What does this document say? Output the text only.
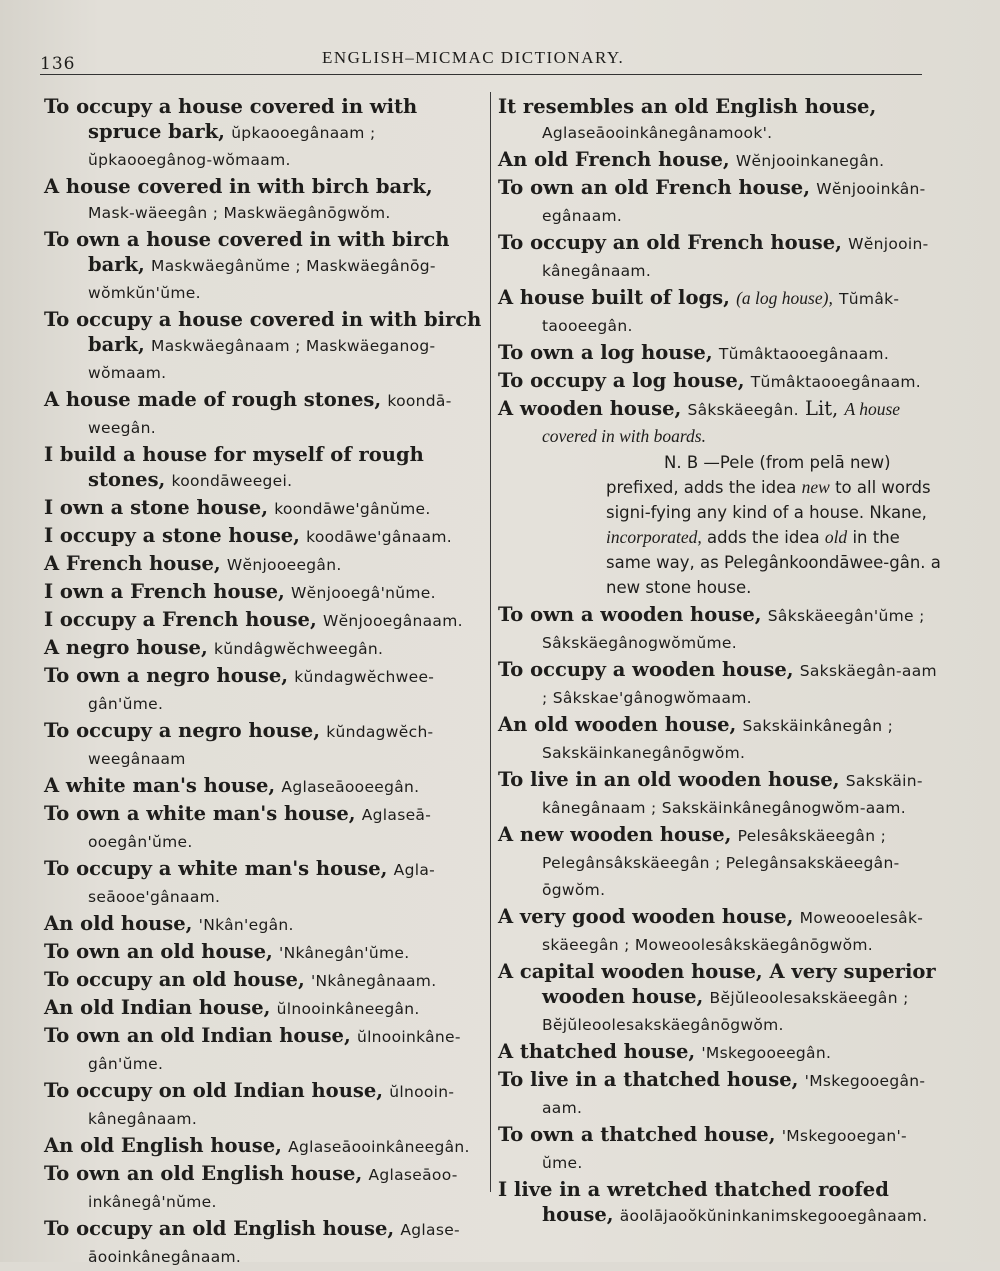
136	ENGLISH–MICMAC DICTIONARY.

To occupy a house covered in with spruce bark, ŭpkaooegânaam ; ŭpkaooegânog-wŏmaam.

A house covered in with birch bark, Mask-wäeegân ; Maskwäegânōgwŏm.

To own a house covered in with birch bark, Maskwäegânŭme ; Maskwäegânōg-wŏmkŭn'ŭme.

To occupy a house covered in with birch bark, Maskwäegânaam ; Maskwäeganog-wŏmaam.

A house made of rough stones, koondā-weegân.

I build a house for myself of rough stones, koondāweegei.

I own a stone house, koondāwe'gânŭme.

I occupy a stone house, koodāwe'gânaam.

A French house, Wĕnjooeegân.

I own a French house, Wĕnjooegâ'nŭme.

I occupy a French house, Wĕnjooegânaam.

A negro house, kŭndâgwĕchweegân.

To own a negro house, kŭndagwĕchwee-gân'ŭme.

To occupy a negro house, kŭndagwĕch-weegânaam

A white man's house, Aglaseāooeegân.

To own a white man's house, Aglaseā-ooegân'ŭme.

To occupy a white man's house, Agla-seāooe'gânaam.

An old house, 'Nkân'egân.

To own an old house, 'Nkânegân'ŭme.

To occupy an old house, 'Nkânegânaam.

An old Indian house, ŭlnooinkâneegân.

To own an old Indian house, ŭlnooinkâne-gân'ŭme.

To occupy on old Indian house, ŭlnooin-kânegânaam.

An old English house, Aglaseāooinkâneegân.

To own an old English house, Aglaseāoo-inkânegâ'nŭme.

To occupy an old English house, Aglase-āooinkânegânaam.

It resembles an old English house, Aglaseāooinkânegânamook'.

An old French house, Wĕnjooinkanegân.

To own an old French house, Wĕnjooinkân-egânaam.

To occupy an old French house, Wĕnjooin-kânegânaam.

A house built of logs, (a log house), Tŭmâk-taooeegân.

To own a log house, Tŭmâktaooegânaam.

To occupy a log house, Tŭmâktaooegânaam.

A wooden house, Sâkskäeegân. Lit, A house covered in with boards.

N. B —Pele (from pelā new) prefixed, adds the idea new to all words signi-fying any kind of a house. Nkane, incorporated, adds the idea old in the same way, as Pelegânkoondāwee-gân. a new stone house.

To own a wooden house, Sâkskäeegân'ŭme ; Sâkskäegânogwŏmŭme.

To occupy a wooden house, Sakskäegân-aam ; Sâkskae'gânogwŏmaam.

An old wooden house, Sakskäinkânegân ; Sakskäinkanegânōgwŏm.

To live in an old wooden house, Sakskäin-kânegânaam ; Sakskäinkânegânogwŏm-aam.

A new wooden house, Pelesâkskäeegân ; Pelegânsâkskäeegân ; Pelegânsakskäeegân-ōgwŏm.

A very good wooden house, Moweooelesâk-skäeegân ; Moweoolesâkskäegânōgwŏm.

A capital wooden house, A very superior wooden house, Bĕjŭleoolesakskäeegân ; Bĕjŭleoolesakskäegânōgwŏm.

A thatched house, 'Mskegooeegân.

To live in a thatched house, 'Mskegooegân-aam.

To own a thatched house, 'Mskegooegan'-ŭme.

I live in a wretched thatched roofed house, äoolājaoŏkŭninkanimskegooegânaam.
